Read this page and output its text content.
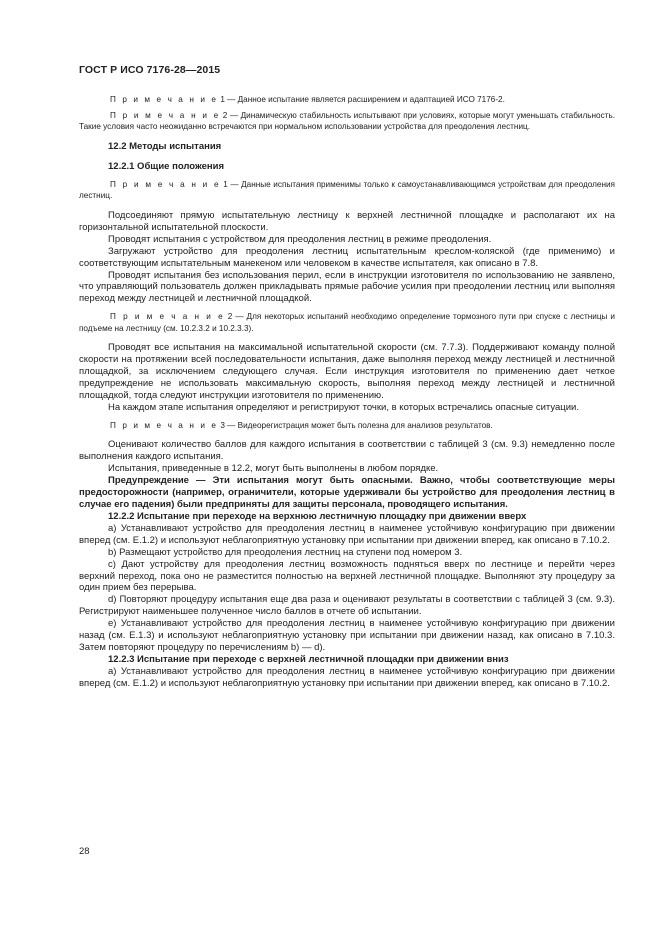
ГОСТ Р ИСО 7176-28—2015

П р и м е ч а н и е 1 — Данное испытание является расширением и адаптацией ИСО 7176-2.

П р и м е ч а н и е 2 — Динамическую стабильность испытывают при условиях, которые могут уменьшать стабильность. Такие условия часто неожиданно встречаются при нормальном использовании устройства для преодоления лестниц.

12.2 Методы испытания

12.2.1 Общие положения

П р и м е ч а н и е 1 — Данные испытания применимы только к самоустанавливающимся устройствам для преодоления лестниц.

Подсоединяют прямую испытательную лестницу к верхней лестничной площадке и располагают их на горизонтальной испытательной плоскости.

Проводят испытания с устройством для преодоления лестниц в режиме преодоления.

Загружают устройство для преодоления лестниц испытательным креслом-коляской (где применимо) и соответствующим испытательным манекеном или человеком в качестве испытателя, как описано в 7.8.

Проводят испытания без использования перил, если в инструкции изготовителя по использованию не заявлено, что управляющий пользователь должен прикладывать прямые рабочие усилия при преодолении лестниц или выполняя переход между лестницей и лестничной площадкой.

П р и м е ч а н и е 2 — Для некоторых испытаний необходимо определение тормозного пути при спуске с лестницы и подъеме на лестницу (см. 10.2.3.2 и 10.2.3.3).

Проводят все испытания на максимальной испытательной скорости (см. 7.7.3). Поддерживают команду полной скорости на протяжении всей последовательности испытания, даже выполняя переход между лестницей и лестничной площадкой, за исключением следующего случая. Если инструкция изготовителя по применению дает четкое предупреждение не использовать максимальную скорость, выполняя переход между лестницей и лестничной площадкой, тогда следуют инструкции изготовителя по применению.

На каждом этапе испытания определяют и регистрируют точки, в которых встречались опасные ситуации.

П р и м е ч а н и е 3 — Видеорегистрация может быть полезна для анализов результатов.

Оценивают количество баллов для каждого испытания в соответствии с таблицей 3 (см. 9.3) немедленно после выполнения каждого испытания.

Испытания, приведенные в 12.2, могут быть выполнены в любом порядке.

Предупреждение — Эти испытания могут быть опасными. Важно, чтобы соответствующие меры предосторожности (например, ограничители, которые удерживали бы устройство для преодоления лестниц в случае его падения) были предприняты для защиты персонала, проводящего испытания.

12.2.2 Испытание при переходе на верхнюю лестничную площадку при движении вверх

a) Устанавливают устройство для преодоления лестниц в наименее устойчивую конфигурацию при движении вперед (см. Е.1.2) и используют неблагоприятную установку при испытании при движении вперед, как описано в 7.10.2.

b) Размещают устройство для преодоления лестниц на ступени под номером 3.

c) Дают устройству для преодоления лестниц возможность подняться вверх по лестнице и перейти через верхний переход, пока оно не разместится полностью на верхней лестничной площадке. Выполняют эту процедуру за один прием без перерыва.

d) Повторяют процедуру испытания еще два раза и оценивают результаты в соответствии с таблицей 3 (см. 9.3). Регистрируют наименьшее полученное число баллов в отчете об испытании.

e) Устанавливают устройство для преодоления лестниц в наименее устойчивую конфигурацию при движении назад (см. Е.1.3) и используют неблагоприятную установку при испытании при движении назад, как описано в 7.10.3. Затем повторяют процедуру по перечислениям b) — d).

12.2.3 Испытание при переходе с верхней лестничной площадки при движении вниз

a) Устанавливают устройство для преодоления лестниц в наименее устойчивую конфигурацию при движении вперед (см. Е.1.2) и используют неблагоприятную установку при испытании при движении вперед, как описано в 7.10.2.

28
